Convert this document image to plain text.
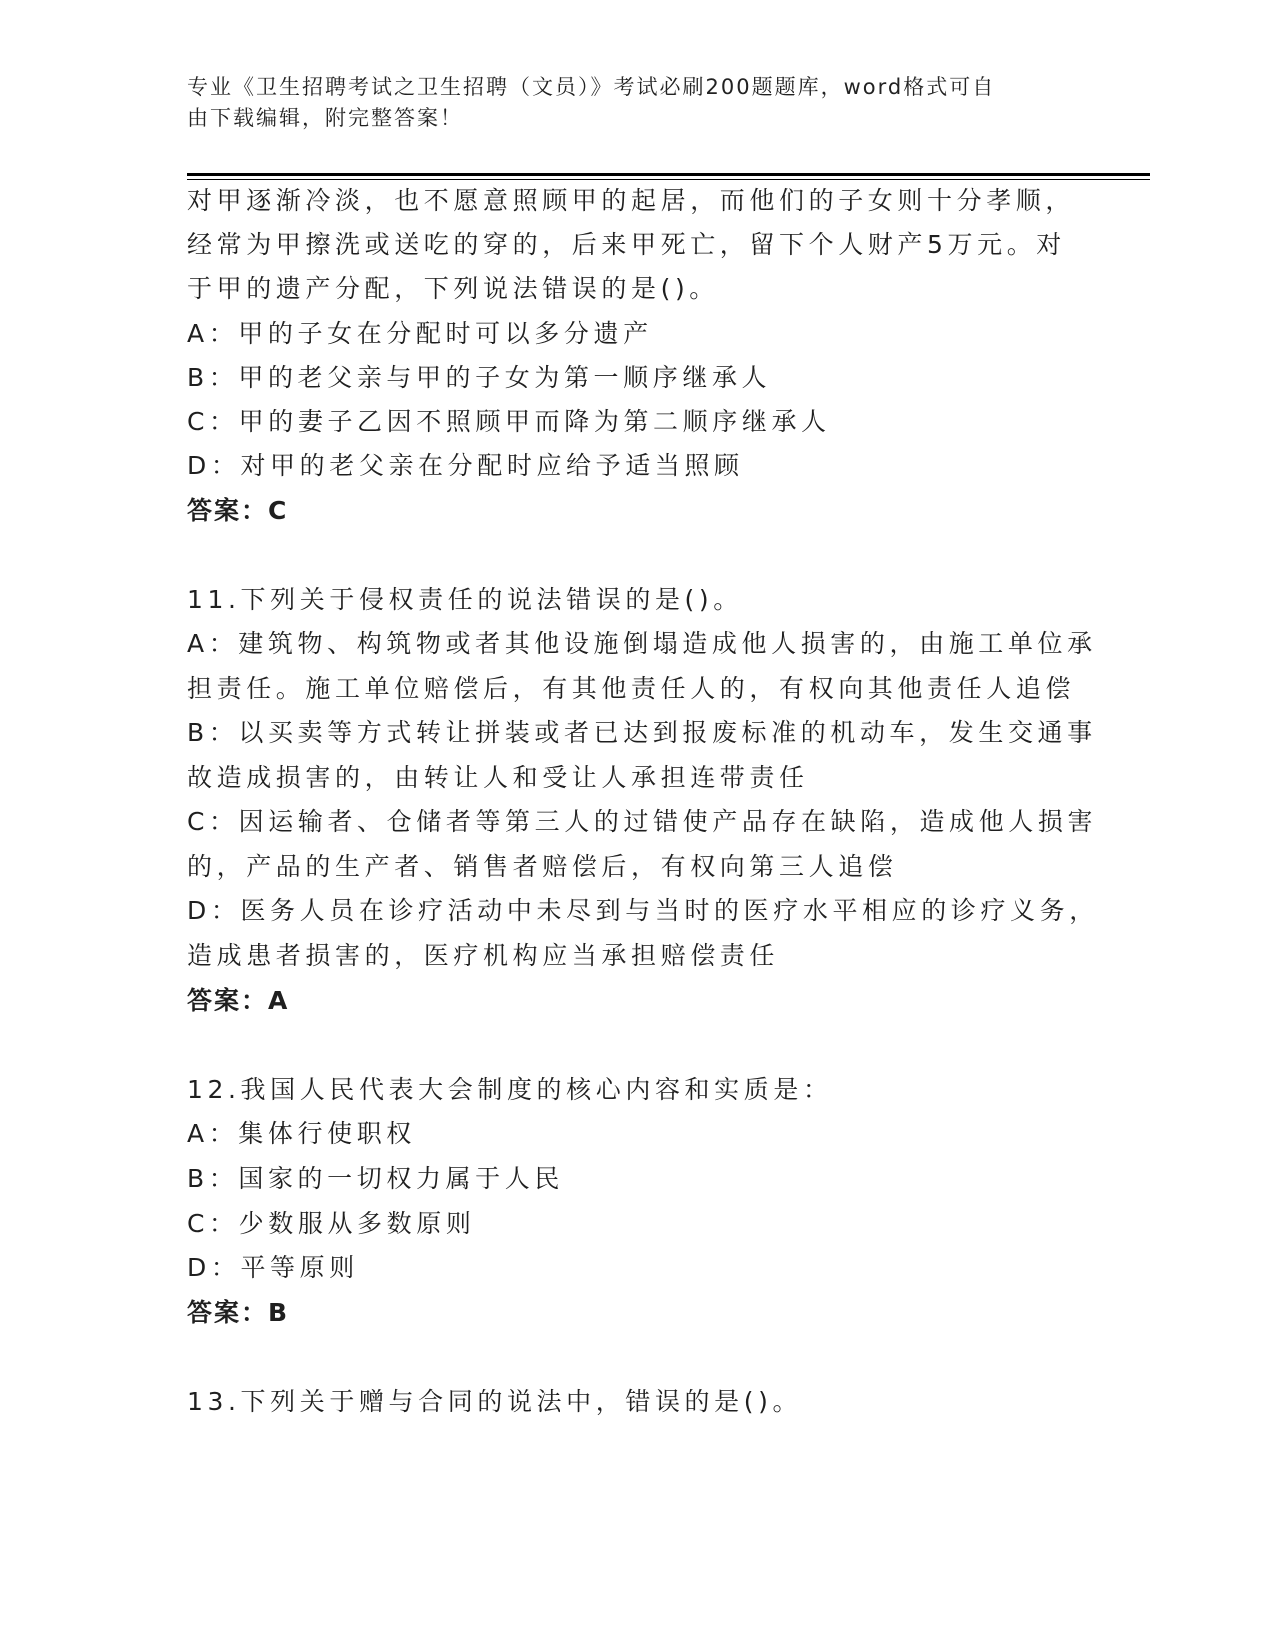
专业《卫生招聘考试之卫生招聘（文员）》考试必刷200题题库，word格式可自
由下载编辑，附完整答案！
对甲逐渐冷淡，也不愿意照顾甲的起居，而他们的子女则十分孝顺，
经常为甲擦洗或送吃的穿的，后来甲死亡，留下个人财产5万元。对
于甲的遗产分配，下列说法错误的是()。
A：甲的子女在分配时可以多分遗产
B：甲的老父亲与甲的子女为第一顺序继承人
C：甲的妻子乙因不照顾甲而降为第二顺序继承人
D：对甲的老父亲在分配时应给予适当照顾
答案：C
11.下列关于侵权责任的说法错误的是()。
A：建筑物、构筑物或者其他设施倒塌造成他人损害的，由施工单位承
担责任。施工单位赔偿后，有其他责任人的，有权向其他责任人追偿
B：以买卖等方式转让拼装或者已达到报废标准的机动车，发生交通事
故造成损害的，由转让人和受让人承担连带责任
C：因运输者、仓储者等第三人的过错使产品存在缺陷，造成他人损害
的，产品的生产者、销售者赔偿后，有权向第三人追偿
D：医务人员在诊疗活动中未尽到与当时的医疗水平相应的诊疗义务，
造成患者损害的，医疗机构应当承担赔偿责任
答案：A
12.我国人民代表大会制度的核心内容和实质是：
A：集体行使职权
B：国家的一切权力属于人民
C：少数服从多数原则
D：平等原则
答案：B
13.下列关于赠与合同的说法中，错误的是()。
